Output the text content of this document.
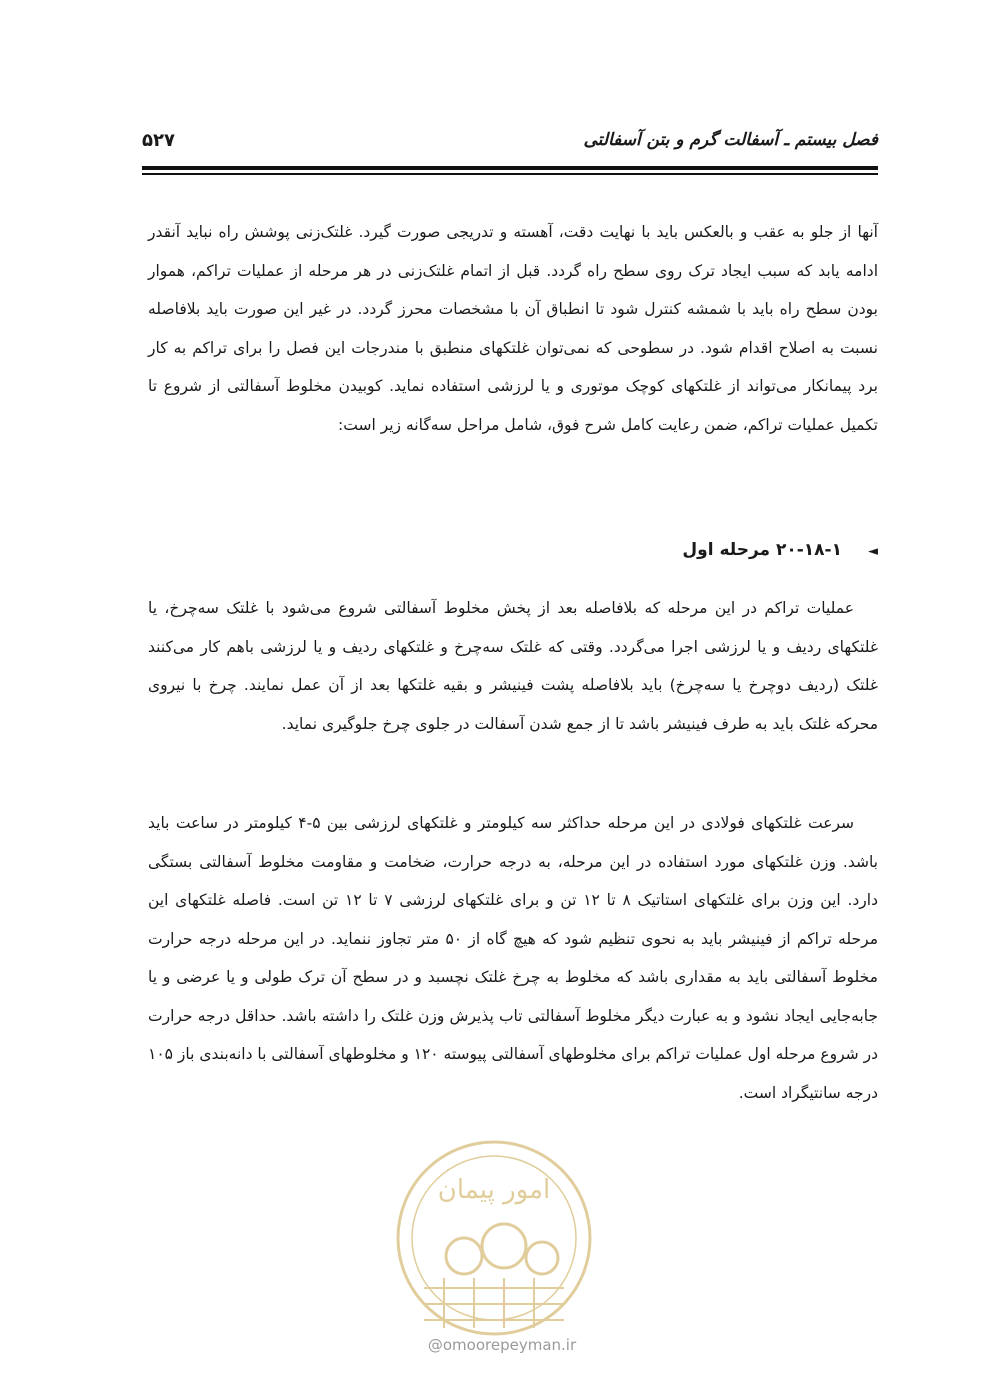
فصل بیستم ـ آسفالت گرم و بتن آسفالتی
۵۲۷

آنها از جلو به عقب و بالعکس باید با نهایت دقت، آهسته و تدریجی صورت گیرد. غلتک‌زنی پوشش راه نباید آنقدر ادامه یابد که سبب ایجاد ترک روی سطح راه گردد. قبل از اتمام غلتک‌زنی در هر مرحله از عملیات تراکم، هموار بودن سطح راه باید با شمشه کنترل شود تا انطباق آن با مشخصات محرز گردد. در غیر این صورت باید بلافاصله نسبت به اصلاح اقدام شود. در سطوحی که نمی‌توان غلتکهای منطبق با مندرجات این فصل را برای تراکم به کار برد پیمانکار می‌تواند از غلتکهای کوچک موتوری و یا لرزشی استفاده نماید. کوبیدن مخلوط آسفالتی از شروع تا تکمیل عملیات تراکم، ضمن رعایت کامل شرح فوق، شامل مراحل سه‌گانه زیر است:

◄۲۰-۱۸-۱ مرحله اول

عملیات تراکم در این مرحله که بلافاصله بعد از پخش مخلوط آسفالتی شروع می‌شود با غلتک سه‌چرخ، یا غلتکهای ردیف و یا لرزشی اجرا می‌گردد. وقتی که غلتک سه‌چرخ و غلتکهای ردیف و یا لرزشی باهم کار می‌کنند غلتک (ردیف دوچرخ یا سه‌چرخ) باید بلافاصله پشت فینیشر و بقیه غلتکها بعد از آن عمل نمایند. چرخ با نیروی محرکه غلتک باید به طرف فینیشر باشد تا از جمع شدن آسفالت در جلوی چرخ جلوگیری نماید.

سرعت غلتکهای فولادی در این مرحله حداکثر سه کیلومتر و غلتکهای لرزشی بین ۵-۴ کیلومتر در ساعت باید باشد. وزن غلتکهای مورد استفاده در این مرحله، به درجه حرارت، ضخامت و مقاومت مخلوط آسفالتی بستگی دارد. این وزن برای غلتکهای استاتیک ۸ تا ۱۲ تن و برای غلتکهای لرزشی ۷ تا ۱۲ تن است. فاصله غلتکهای این مرحله تراکم از فینیشر باید به نحوی تنظیم شود که هیچ گاه از ۵۰ متر تجاوز ننماید. در این مرحله درجه حرارت مخلوط آسفالتی باید به مقداری باشد که مخلوط به چرخ غلتک نچسبد و در سطح آن ترک طولی و یا عرضی و یا جابه‌جایی ایجاد نشود و به عبارت دیگر مخلوط آسفالتی تاب پذیرش وزن غلتک را داشته باشد. حداقل درجه حرارت در شروع مرحله اول عملیات تراکم برای مخلوطهای آسفالتی پیوسته ۱۲۰ و مخلوطهای آسفالتی با دانه‌بندی باز ۱۰۵ درجه سانتیگراد است.

امور پیمان
@omoorepeyman.ir
